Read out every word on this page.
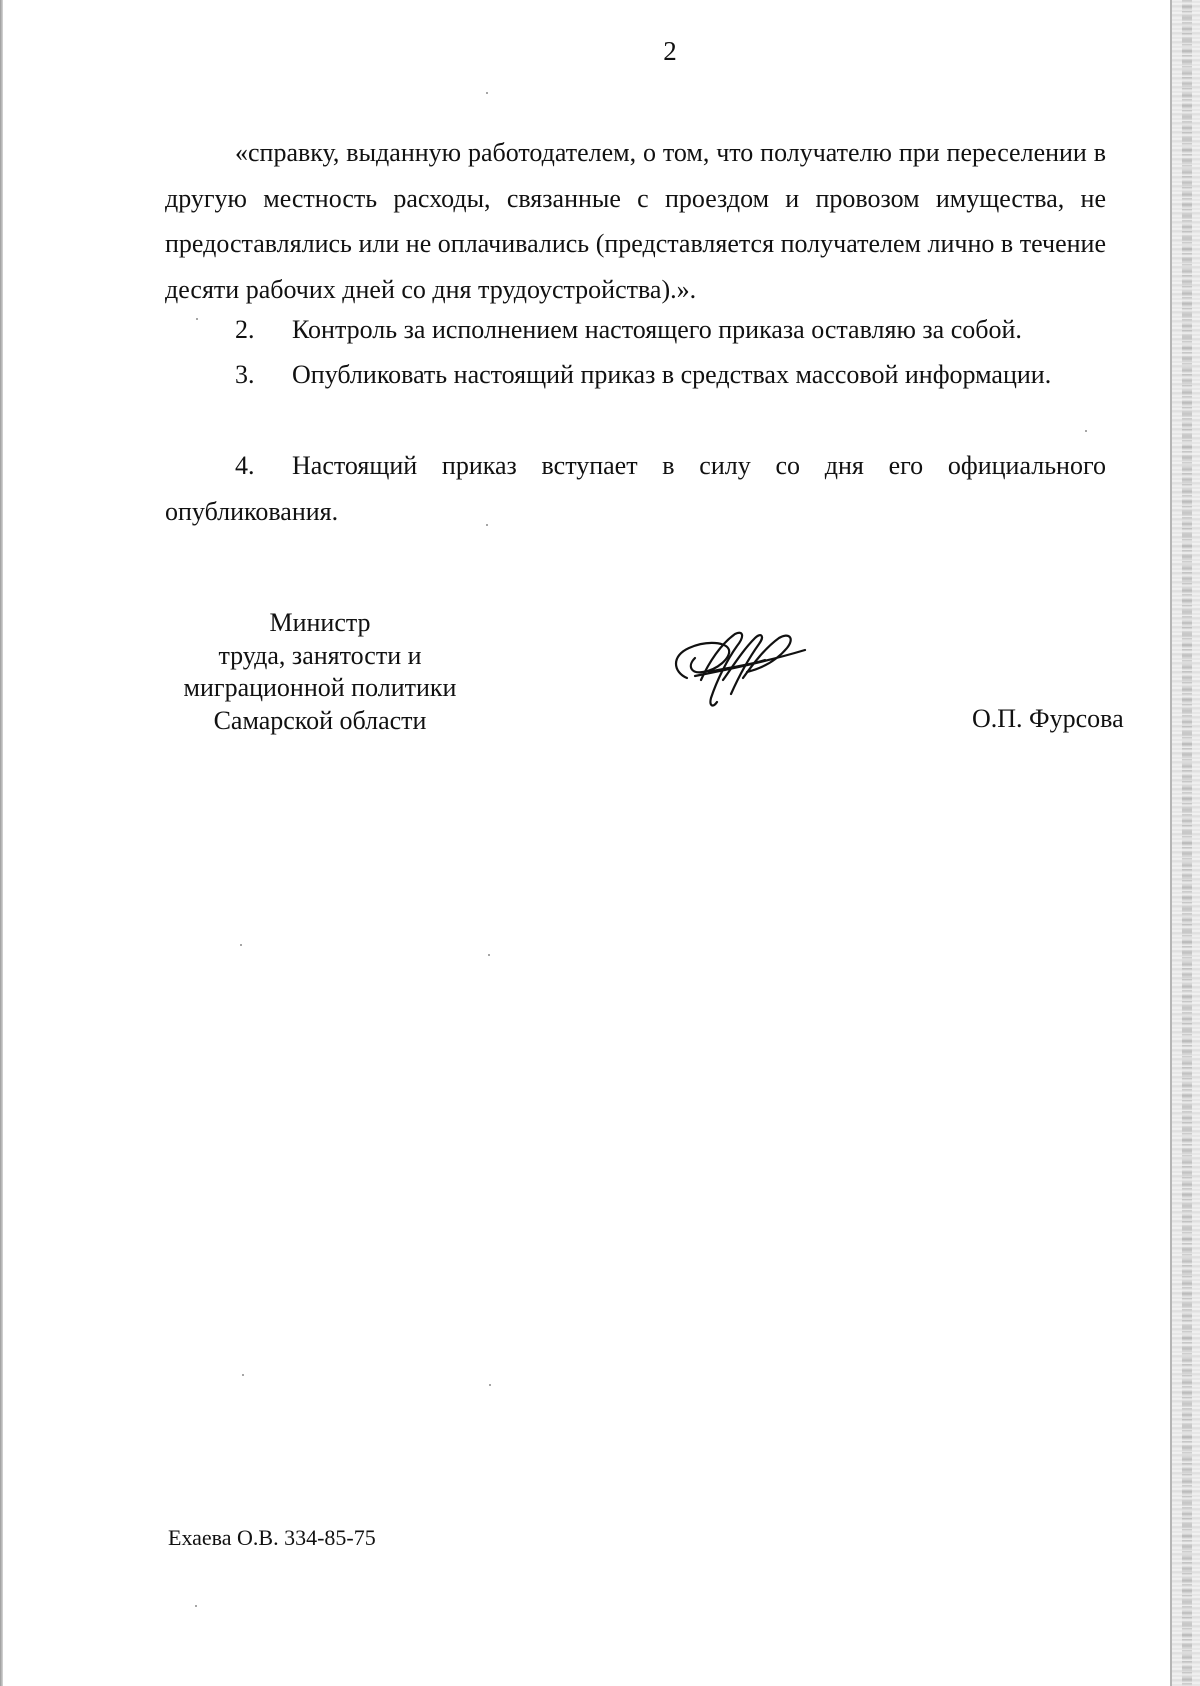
2

«справку, выданную работодателем, о том, что получателю при переселении в другую местность расходы, связанные с проездом и провозом имущества, не предоставлялись или не оплачивались (представляется получателем лично в течение десяти рабочих дней со дня трудоустройства).».

2. Контроль за исполнением настоящего приказа оставляю за собой.

3. Опубликовать настоящий приказ в средствах массовой информации.

4. Настоящий приказ вступает в силу со дня его официального опубликования.

Министр
труда, занятости и
миграционной политики
Самарской области	О.П. Фурсова
Ехаева О.В. 334-85-75
